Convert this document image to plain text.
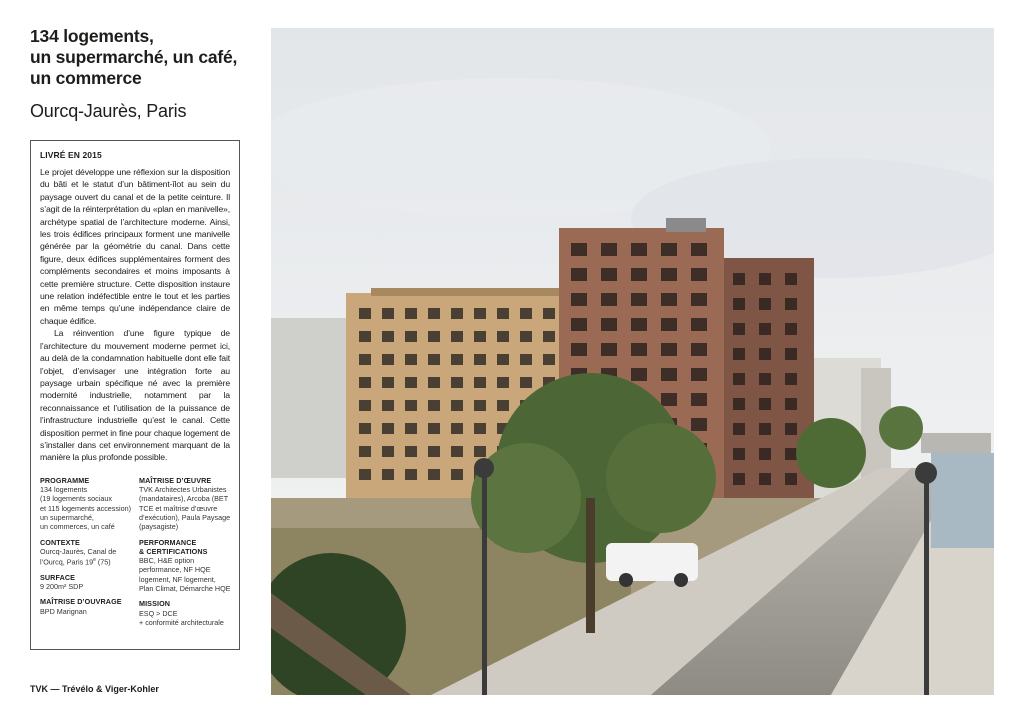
134 logements,
un supermarché, un café,
un commerce
Ourcq-Jaurès, Paris
LIVRÉ EN 2015

Le projet développe une réflexion sur la disposition du bâti et le statut d’un bâtiment-îlot au sein du paysage ouvert du canal et de la petite ceinture. Il s’agit de la réinterprétation du «plan en manivelle», archétype spatial de l’architecture moderne. Ainsi, les trois édifices principaux forment une manivelle générée par la géométrie du canal. Dans cette figure, deux édifices supplémentaires forment des compléments secondaires et moins imposants à cette première structure. Cette disposition instaure une relation indéfectible entre le tout et les parties en même temps qu’une indépendance claire de chaque édifice.

La réinvention d’une figure typique de l’architecture du mouvement moderne permet ici, au delà de la condamnation habituelle dont elle fait l’objet, d’envisager une intégration forte au paysage urbain spécifique né avec la première modernité industrielle, notamment par la reconnaissance et l’utilisation de la puissance de l’infrastructure industrielle qu’est le canal. Cette disposition permet in fine pour chaque logement de s’installer dans cet environnement marquant de la manière la plus profonde possible.

PROGRAMME
134 logements
(19 logements sociaux
et 115 logements accession)
un supermarché,
un commerces, un café
CONTEXTE
Ourcq-Jaurès, Canal de
l’Ourcq, Paris 19e (75)
SURFACE
9 200m² SDP
MAÎTRISE D’OUVRAGE
BPD Marignan
MAÎTRISE D’ŒUVRE
TVK Architectes Urbanistes
(mandataires), Arcoba (BET
TCE et maîtrise d’œuvre
d’exécution), Paula Paysage
(paysagiste)
PERFORMANCE
& CERTIFICATIONS
BBC, H&E option
performance, NF HQE
logement, NF logement,
Plan Climat, Démarche HQE
MISSION
ESQ > DCE
+ conformité architecturale
TVK — Trévélo & Viger-Kohler
